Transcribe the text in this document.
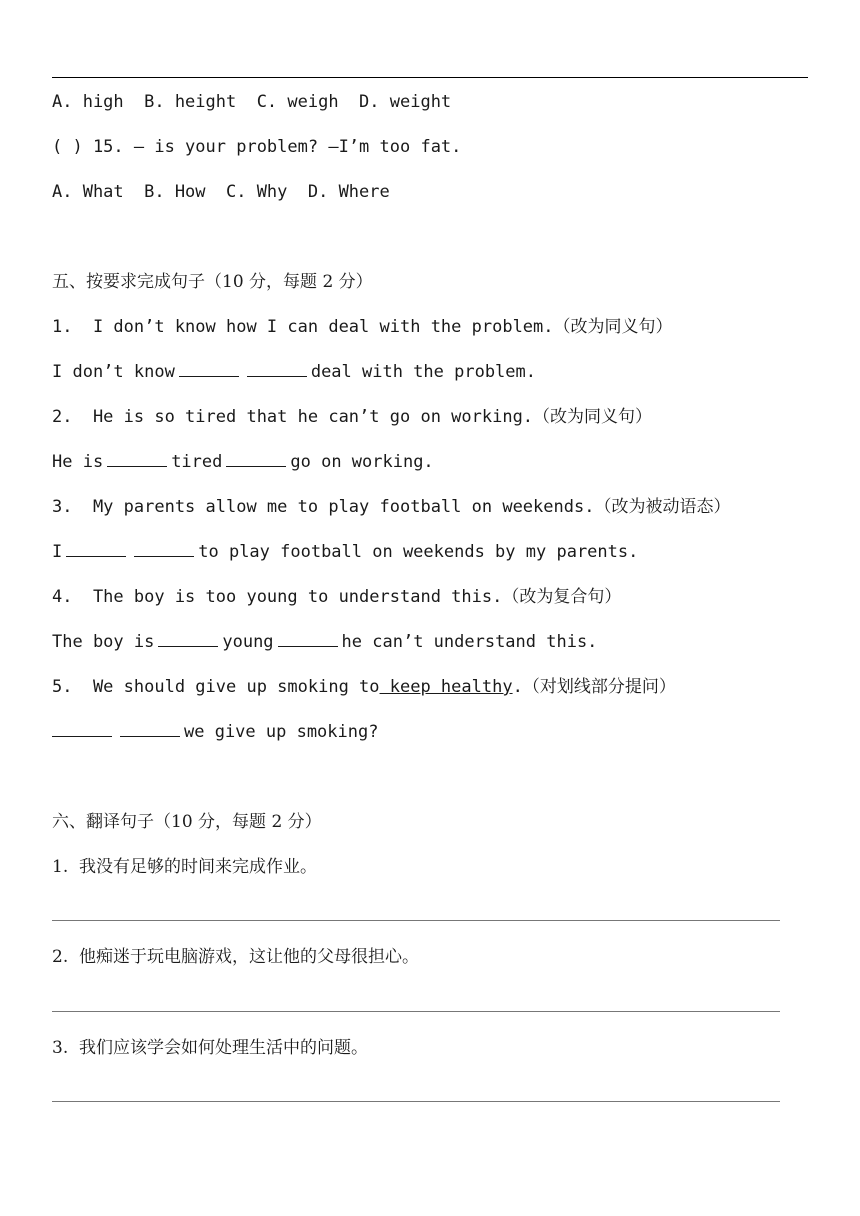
A. high  B. height  C. weigh  D. weight
( ) 15. — is your problem? —I’m too fat.
A. What  B. How  C. Why  D. Where
五、按要求完成句子（10 分，每题 2 分）
1.  I don’t know how I can deal with the problem.（改为同义句）
I don’t know	deal with the problem.
2.  He is so tired that he can’t go on working.（改为同义句）
He is	tired	go on working.
3.  My parents allow me to play football on weekends.（改为被动语态）
I	to play football on weekends by my parents.
4.  The boy is too young to understand this.（改为复合句）
The boy is	young	he can’t understand this.
5.  We should give up smoking to keep healthy.（对划线部分提问）
we give up smoking?
六、翻译句子（10 分，每题 2 分）
1.  我没有足够的时间来完成作业。
2.  他痴迷于玩电脑游戏，这让他的父母很担心。
3.  我们应该学会如何处理生活中的问题。
